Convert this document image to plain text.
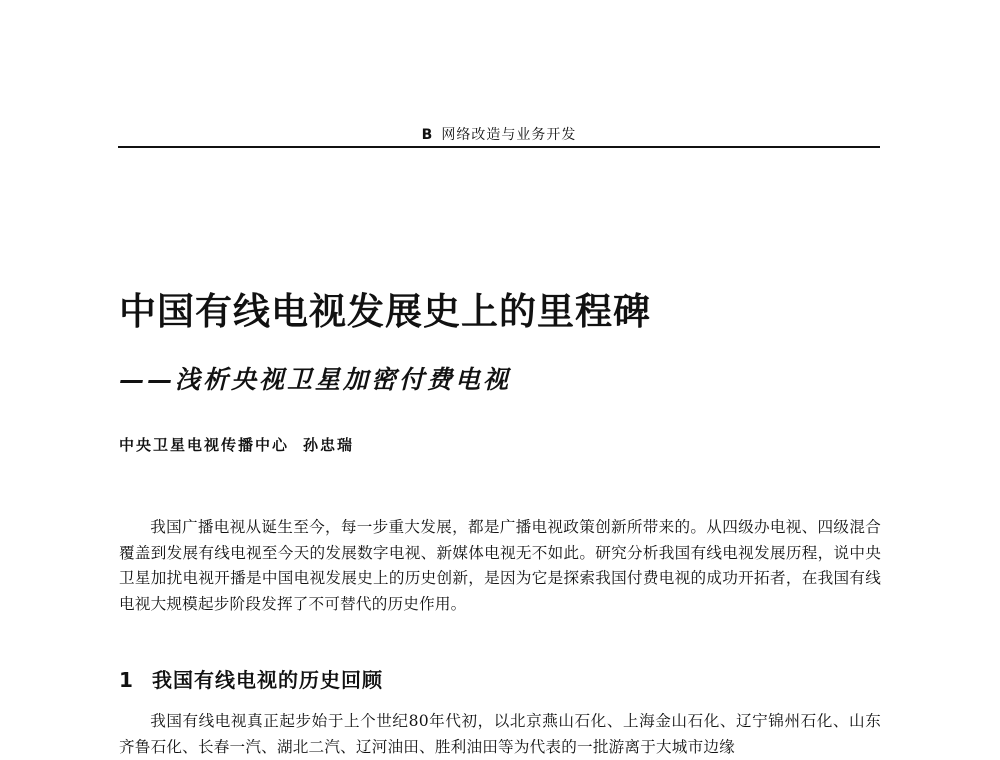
B 网络改造与业务开发
中国有线电视发展史上的里程碑
——浅析央视卫星加密付费电视
中央卫星电视传播中心 孙忠瑞

我国广播电视从诞生至今，每一步重大发展，都是广播电视政策创新所带来的。从四级办电视、四级混合覆盖到发展有线电视至今天的发展数字电视、新媒体电视无不如此。研究分析我国有线电视发展历程，说中央卫星加扰电视开播是中国电视发展史上的历史创新，是因为它是探索我国付费电视的成功开拓者，在我国有线电视大规模起步阶段发挥了不可替代的历史作用。

1 我国有线电视的历史回顾

我国有线电视真正起步始于上个世纪80年代初，以北京燕山石化、上海金山石化、辽宁锦州石化、山东齐鲁石化、长春一汽、湖北二汽、辽河油田、胜利油田等为代表的一批游离于大城市边缘
